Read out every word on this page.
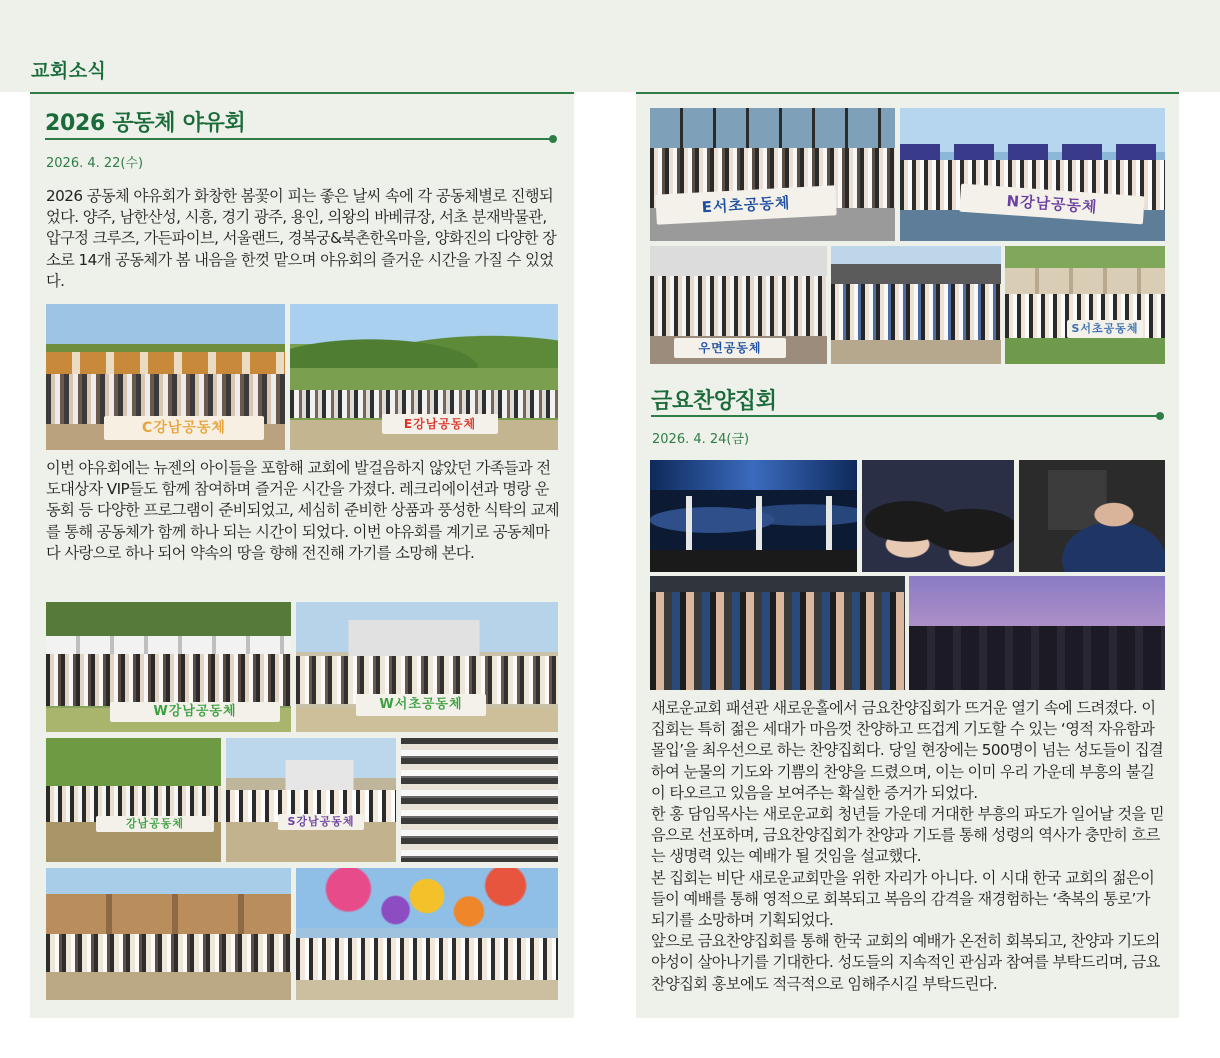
교회소식
2026 공동체 야유회
2026. 4. 22(수)

2026 공동체 야유회가 화창한 봄꽃이 피는 좋은 날씨 속에 각 공동체별로 진행되었다. 양주, 남한산성, 시흥, 경기 광주, 용인, 의왕의 바베큐장, 서초 분재박물관, 압구정 크루즈, 가든파이브, 서울랜드, 경복궁&북촌한옥마을, 양화진의 다양한 장소로 14개 공동체가 봄 내음을 한껏 맡으며 야유회의 즐거운 시간을 가질 수 있었다.

C강남공동체	E강남공동체

이번 야유회에는 뉴젠의 아이들을 포함해 교회에 발걸음하지 않았던 가족들과 전도대상자 VIP들도 함께 참여하며 즐거운 시간을 가졌다. 레크리에이션과 명랑 운동회 등 다양한 프로그램이 준비되었고, 세심히 준비한 상품과 풍성한 식탁의 교제를 통해 공동체가 함께 하나 되는 시간이 되었다. 이번 야유회를 계기로 공동체마다 사랑으로 하나 되어 약속의 땅을 향해 전진해 가기를 소망해 본다.

W강남공동체	W서초공동체
강남공동체	S강남공동체
E서초공동체	N강남공동체
우면공동체
S서초공동체
금요찬양집회
2026. 4. 24(금)

새로운교회 패션관 새로운홀에서 금요찬양집회가 뜨거운 열기 속에 드려졌다. 이 집회는 특히 젊은 세대가 마음껏 찬양하고 뜨겁게 기도할 수 있는 ‘영적 자유함과 몰입’을 최우선으로 하는 찬양집회다. 당일 현장에는 500명이 넘는 성도들이 집결하여 눈물의 기도와 기쁨의 찬양을 드렸으며, 이는 이미 우리 가운데 부흥의 불길이 타오르고 있음을 보여주는 확실한 증거가 되었다.

한 홍 담임목사는 새로운교회 청년들 가운데 거대한 부흥의 파도가 일어날 것을 믿음으로 선포하며, 금요찬양집회가 찬양과 기도를 통해 성령의 역사가 충만히 흐르는 생명력 있는 예배가 될 것임을 설교했다.

본 집회는 비단 새로운교회만을 위한 자리가 아니다. 이 시대 한국 교회의 젊은이들이 예배를 통해 영적으로 회복되고 복음의 감격을 재경험하는 ‘축복의 통로’가 되기를 소망하며 기획되었다.

앞으로 금요찬양집회를 통해 한국 교회의 예배가 온전히 회복되고, 찬양과 기도의 야성이 살아나기를 기대한다. 성도들의 지속적인 관심과 참여를 부탁드리며, 금요찬양집회 홍보에도 적극적으로 임해주시길 부탁드린다.
